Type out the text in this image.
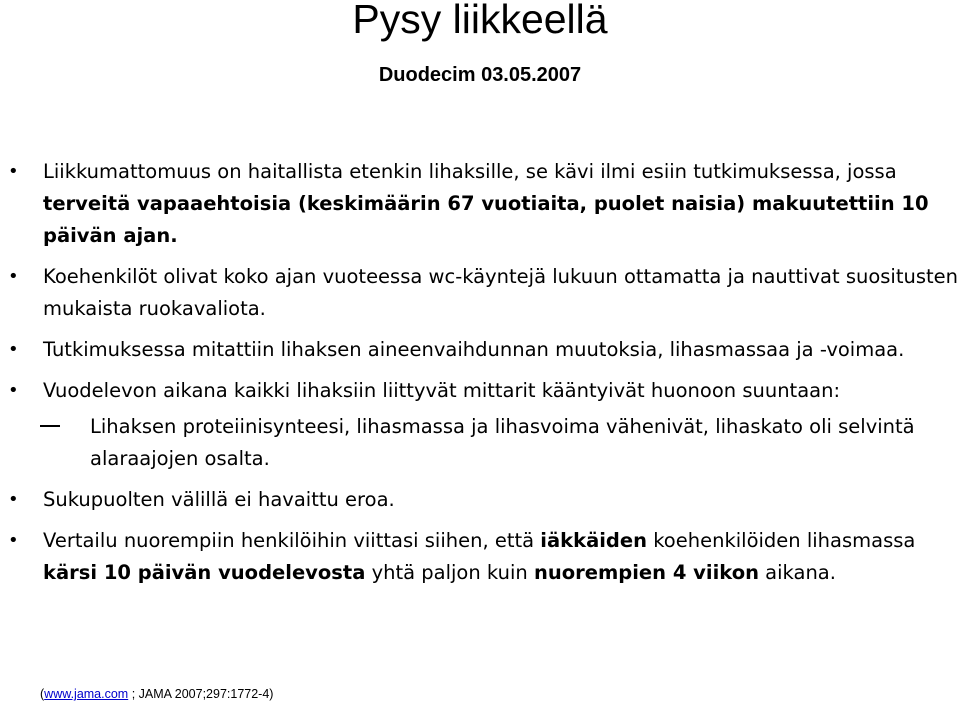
Pysy liikkeellä
Duodecim 03.05.2007
• Liikkumattomuus on haitallista etenkin lihaksille, se kävi ilmi esiin tutkimuksessa, jossa terveitä vapaaehtoisia (keskimäärin 67 vuotiaita, puolet naisia) makuutettiin 10 päivän ajan.
• Koehenkilöt olivat koko ajan vuoteessa wc-käyntejä lukuun ottamatta ja nauttivat suositusten mukaista ruokavaliota.
• Tutkimuksessa mitattiin lihaksen aineenvaihdunnan muutoksia, lihasmassaa ja -voimaa.
• Vuodelevon aikana kaikki lihaksiin liittyvät mittarit kääntyivät huonoon suuntaan:
Lihaksen proteiinisynteesi, lihasmassa ja lihasvoima vähenivät, lihaskato oli selvintä alaraajojen osalta.
• Sukupuolten välillä ei havaittu eroa.
• Vertailu nuorempiin henkilöihin viittasi siihen, että iäkkäiden koehenkilöiden lihasmassa kärsi 10 päivän vuodelevosta yhtä paljon kuin nuorempien 4 viikon aikana.
(www.jama.com ; JAMA 2007;297:1772-4)
